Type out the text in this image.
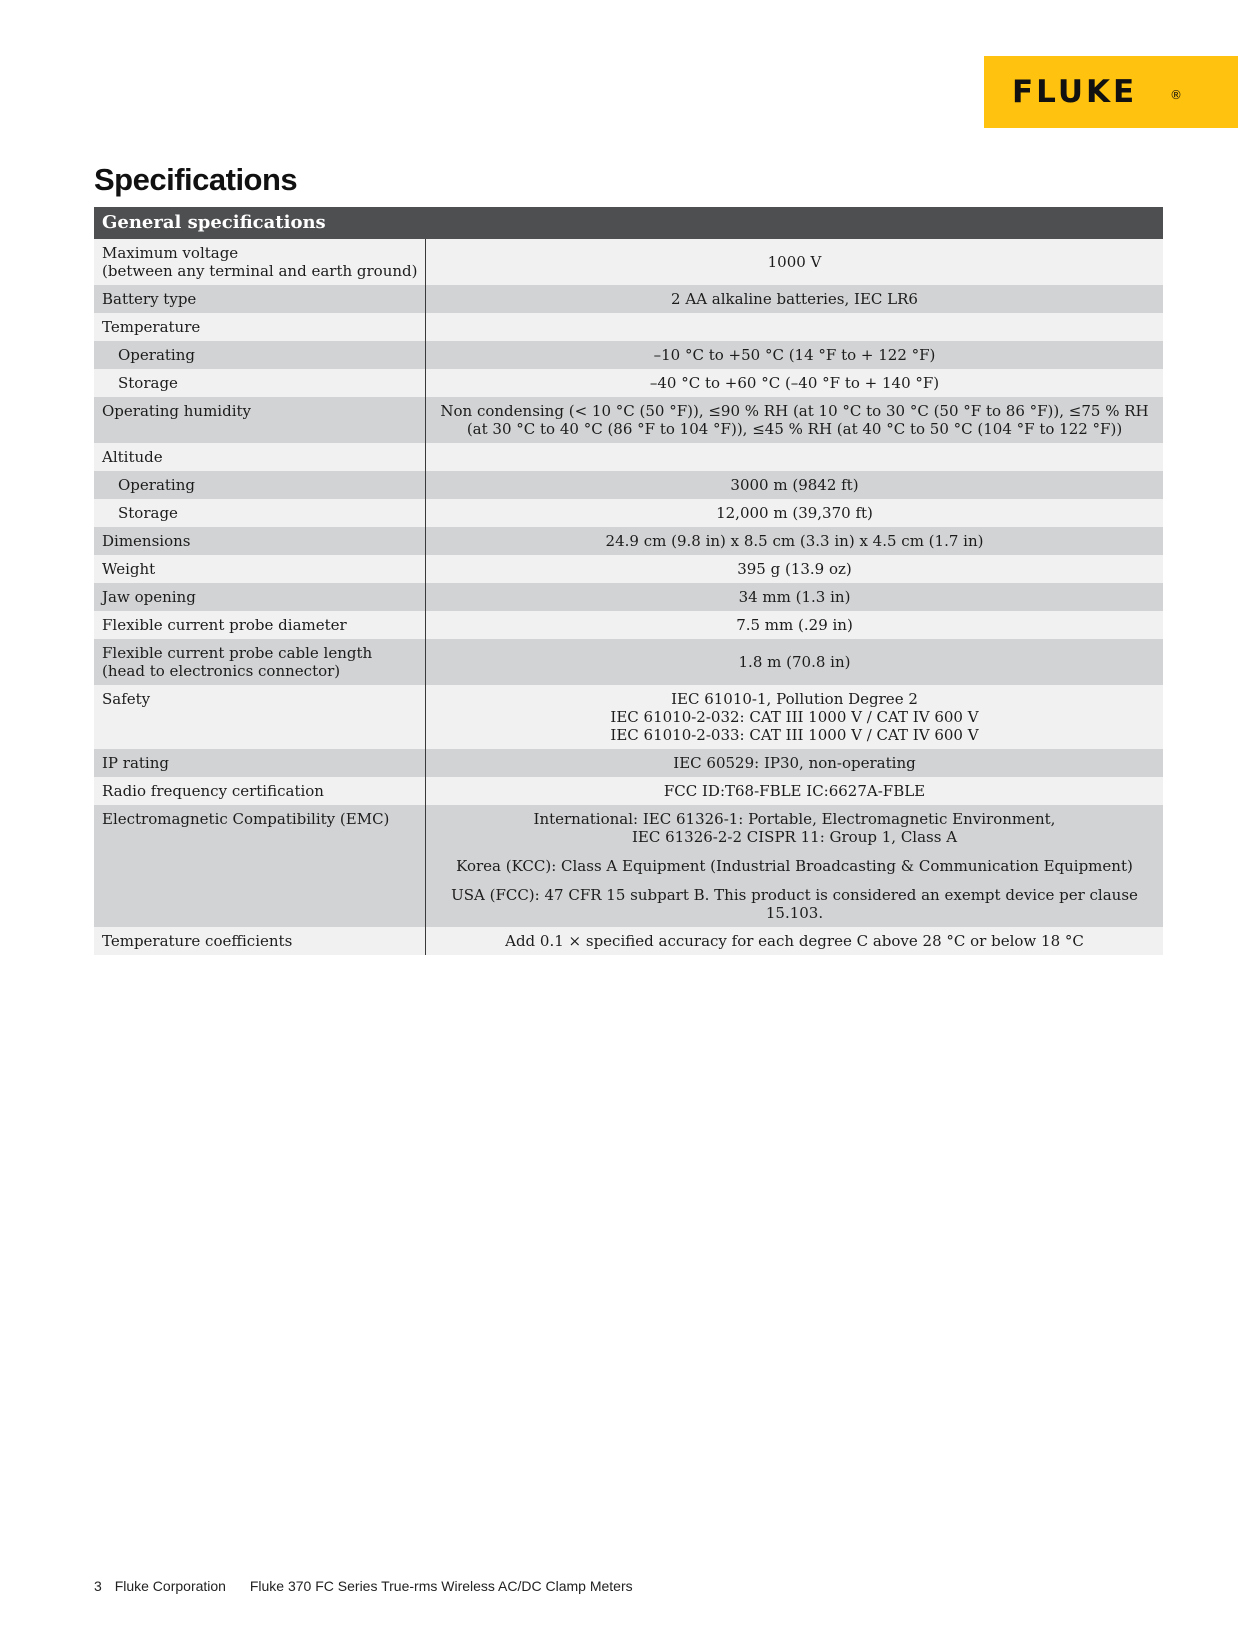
FLUKE	®
Specifications
General specifications
Maximum voltage
(between any terminal and earth ground)	1000 V
Battery type	2 AA alkaline batteries, IEC LR6
Temperature

Operating	–10 °C to +50 °C (14 °F to + 122 °F)
Storage	–40 °C to +60 °C (–40 °F to + 140 °F)
Operating humidity	Non condensing (< 10 °C (50 °F)), ≤90 % RH (at 10 °C to 30 °C (50 °F to 86 °F)), ≤75 % RH
(at 30 °C to 40 °C (86 °F to 104 °F)), ≤45 % RH (at 40 °C to 50 °C (104 °F to 122 °F))
Altitude

Operating	3000 m (9842 ft)
Storage	12,000 m (39,370 ft)
Dimensions	24.9 cm (9.8 in) x 8.5 cm (3.3 in) x 4.5 cm (1.7 in)
Weight	395 g (13.9 oz)
Jaw opening	34 mm (1.3 in)
Flexible current probe diameter	7.5 mm (.29 in)
Flexible current probe cable length
(head to electronics connector)	1.8 m (70.8 in)
Safety	IEC 61010-1, Pollution Degree 2
IEC 61010-2-032: CAT III 1000 V / CAT IV 600 V
IEC 61010-2-033: CAT III 1000 V / CAT IV 600 V
IP rating	IEC 60529: IP30, non-operating
Radio frequency certification	FCC ID:T68-FBLE IC:6627A-FBLE
Electromagnetic Compatibility (EMC)	International: IEC 61326-1: Portable, Electromagnetic Environment,
IEC 61326-2-2 CISPR 11: Group 1, Class A
Korea (KCC): Class A Equipment (Industrial Broadcasting & Communication Equipment)
USA (FCC): 47 CFR 15 subpart B. This product is considered an exempt device per clause
15.103.
Temperature coefficients	Add 0.1 × specified accuracy for each degree C above 28 °C or below 18 °C
3 Fluke Corporation Fluke 370 FC Series True-rms Wireless AC/DC Clamp Meters
